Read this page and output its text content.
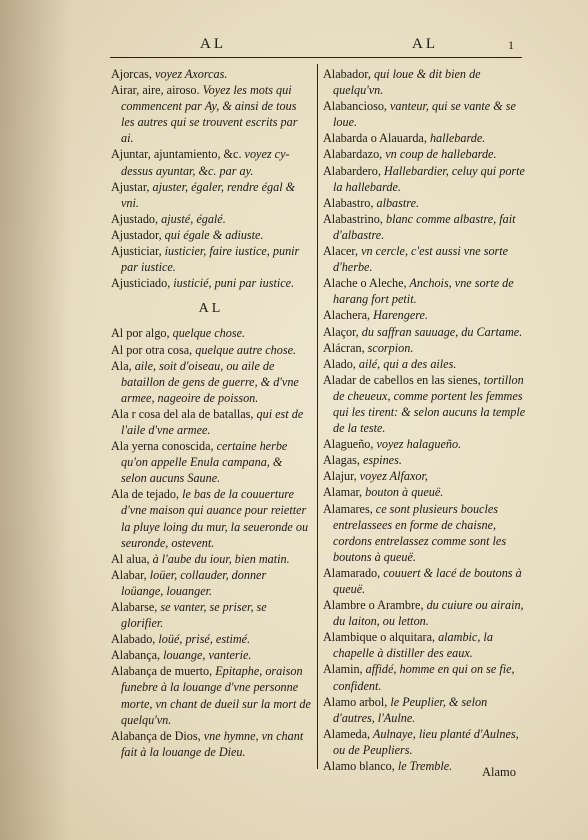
AL	AL	1

Ajorcas, voyez Axorcas.

Airar, aire, airoso. Voyez les mots qui commencent par Ay, & ainsi de tous les autres qui se trouvent escrits par ai.

Ajuntar, ajuntamiento, &c. voyez cy-dessus ayuntar, &c. par ay.

Ajustar, ajuster, égaler, rendre égal & vni.

Ajustado, ajusté, égalé.

Ajustador, qui égale & adiuste.

Ajusticiar, iusticier, faire iustice, punir par iustice.

Ajusticiado, iusticié, puni par iustice.

AL

Al por algo, quelque chose.

Al por otra cosa, quelque autre chose.

Ala, aile, soit d'oiseau, ou aile de bataillon de gens de guerre, & d'vne armee, nageoire de poisson.

Ala r cosa del ala de batallas, qui est de l'aile d'vne armee.

Ala yerna conoscida, certaine herbe qu'on appelle Enula campana, & selon aucuns Saune.

Ala de tejado, le bas de la couuerture d'vne maison qui auance pour reietter la pluye loing du mur, la seueronde ou seuronde, ostevent.

Al alua, à l'aube du iour, bien matin.

Alabar, loüer, collauder, donner loüange, louanger.

Alabarse, se vanter, se priser, se glorifier.

Alabado, loüé, prisé, estimé.

Alabança, louange, vanterie.

Alabança de muerto, Epitaphe, oraison funebre à la louange d'vne personne morte, vn chant de dueil sur la mort de quelqu'vn.

Alabança de Dios, vne hymne, vn chant fait à la louange de Dieu.

Alabador, qui loue & dit bien de quelqu'vn.

Alabancioso, vanteur, qui se vante & se loue.

Alabarda o Alauarda, hallebarde.

Alabardazo, vn coup de hallebarde.

Alabardero, Hallebardier, celuy qui porte la hallebarde.

Alabastro, albastre.

Alabastrino, blanc comme albastre, fait d'albastre.

Alacer, vn cercle, c'est aussi vne sorte d'herbe.

Alache o Aleche, Anchois, vne sorte de harang fort petit.

Alachera, Harengere.

Alaçor, du saffran sauuage, du Cartame.

Alácran, scorpion.

Alado, ailé, qui a des ailes.

Aladar de cabellos en las sienes, tortillon de cheueux, comme portent les femmes qui les tirent: & selon aucuns la temple de la teste.

Alagueño, voyez halagueño.

Alagas, espines.

Alajur, voyez Alfaxor,

Alamar, bouton à queuë.

Alamares, ce sont plusieurs boucles entrelassees en forme de chaisne, cordons entrelassez comme sont les boutons à queuë.

Alamarado, couuert & lacé de boutons à queuë.

Alambre o Arambre, du cuiure ou airain, du laiton, ou letton.

Alambique o alquitara, alambic, la chapelle à distiller des eaux.

Alamin, affidé, homme en qui on se fie, confident.

Alamo arbol, le Peuplier, & selon d'autres, l'Aulne.

Alameda, Aulnaye, lieu planté d'Aulnes, ou de Peupliers.

Alamo blanco, le Tremble.	Alamo
